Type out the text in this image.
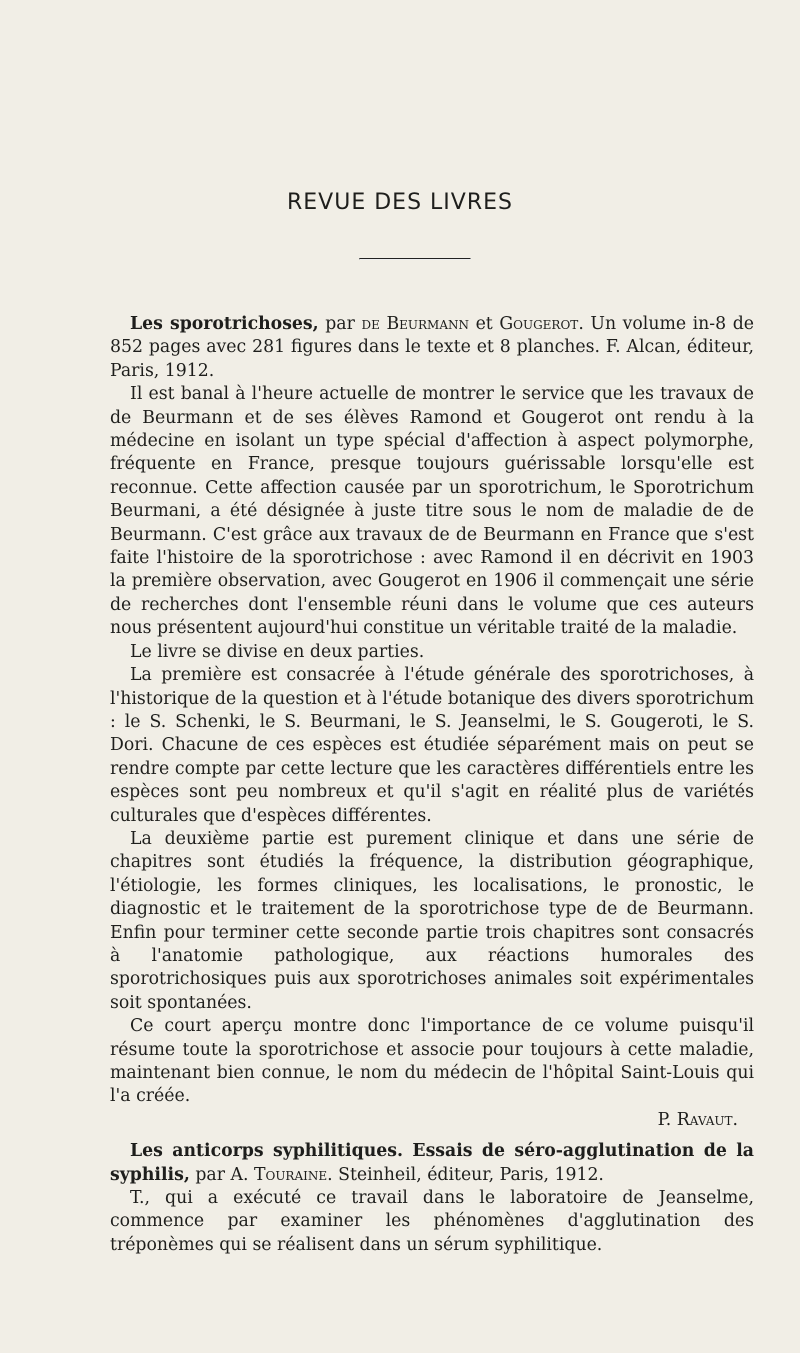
REVUE DES LIVRES

Les sporotrichoses, par de Beurmann et Gougerot. Un volume in-8 de 852 pages avec 281 figures dans le texte et 8 planches. F. Alcan, éditeur, Paris, 1912.

Il est banal à l'heure actuelle de montrer le service que les travaux de de Beurmann et de ses élèves Ramond et Gougerot ont rendu à la médecine en isolant un type spécial d'affection à aspect polymorphe, fréquente en France, presque toujours guérissable lorsqu'elle est reconnue. Cette affection causée par un sporotrichum, le Sporotrichum Beurmani, a été désignée à juste titre sous le nom de maladie de de Beurmann. C'est grâce aux travaux de de Beurmann en France que s'est faite l'histoire de la sporotrichose : avec Ramond il en décrivit en 1903 la première observation, avec Gougerot en 1906 il commençait une série de recherches dont l'ensemble réuni dans le volume que ces auteurs nous présentent aujourd'hui constitue un véritable traité de la maladie.

Le livre se divise en deux parties.

La première est consacrée à l'étude générale des sporotrichoses, à l'historique de la question et à l'étude botanique des divers sporotrichum : le S. Schenki, le S. Beurmani, le S. Jeanselmi, le S. Gougeroti, le S. Dori. Chacune de ces espèces est étudiée séparément mais on peut se rendre compte par cette lecture que les caractères différentiels entre les espèces sont peu nombreux et qu'il s'agit en réalité plus de variétés culturales que d'espèces différentes.

La deuxième partie est purement clinique et dans une série de chapitres sont étudiés la fréquence, la distribution géographique, l'étiologie, les formes cliniques, les localisations, le pronostic, le diagnostic et le traitement de la sporotrichose type de de Beurmann. Enfin pour terminer cette seconde partie trois chapitres sont consacrés à l'anatomie pathologique, aux réactions humorales des sporotrichosiques puis aux sporotrichoses animales soit expérimentales soit spontanées.

Ce court aperçu montre donc l'importance de ce volume puisqu'il résume toute la sporotrichose et associe pour toujours à cette maladie, maintenant bien connue, le nom du médecin de l'hôpital Saint-Louis qui l'a créée.

P. Ravaut.

Les anticorps syphilitiques. Essais de séro-agglutination de la syphilis, par A. Touraine. Steinheil, éditeur, Paris, 1912.

T., qui a exécuté ce travail dans le laboratoire de Jeanselme, commence par examiner les phénomènes d'agglutination des tréponèmes qui se réalisent dans un sérum syphilitique.
